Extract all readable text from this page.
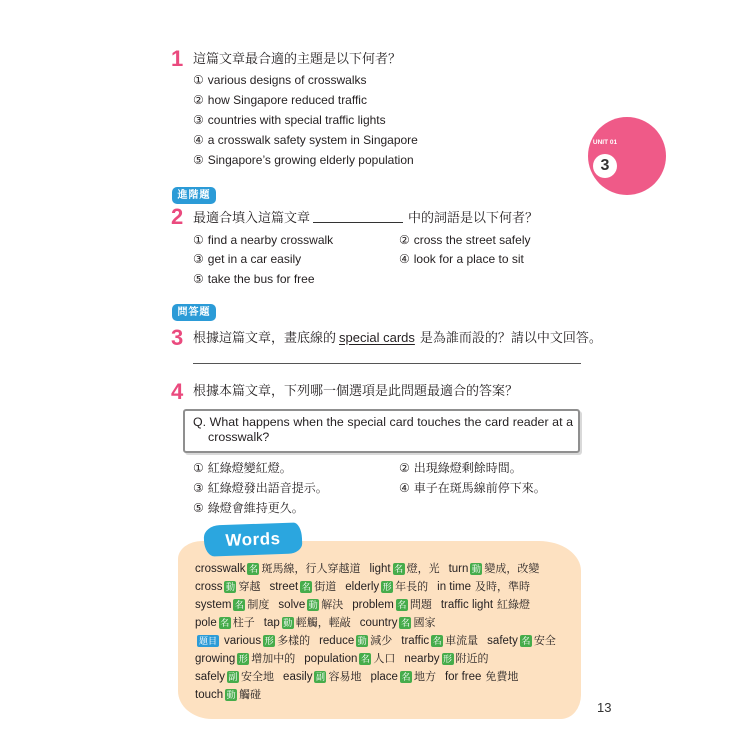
UNIT 01
3
1 這篇文章最合適的主題是以下何者？
① various designs of crosswalks
② how Singapore reduced traffic
③ countries with special traffic lights
④ a crosswalk safety system in Singapore
⑤ Singapore’s growing elderly population
進階題
2 最適合填入這篇文章	中的詞語是以下何者？
① find a nearby crosswalk	② cross the street safely
③ get in a car easily	④ look for a place to sit
⑤ take the bus for free
問答題
3 根據這篇文章，畫底線的 special cards 是為誰而設的？請以中文回答。
4 根據本篇文章，下列哪一個選項是此問題最適合的答案？
Q. What happens when the special card touches the card reader at a crosswalk?
① 紅綠燈變紅燈。	② 出現綠燈剩餘時間。
③ 紅綠燈發出語音提示。	④ 車子在斑馬線前停下來。
⑤ 綠燈會維持更久。
Words
crosswalk 名 斑馬線，行人穿越道 light 名 燈，光 turn 動 變成，改變
cross 動 穿越 street 名 街道 elderly 形 年長的 in time 及時，準時
system 名 制度 solve 動 解決 problem 名 問題 traffic light 紅綠燈
pole 名 柱子 tap 動 輕觸，輕敲 country 名 國家
題目 various 形 多樣的 reduce 動 減少 traffic 名 車流量 safety 名 安全
growing 形 增加中的 population 名 人口 nearby 形 附近的
safely 副 安全地 easily 副 容易地 place 名 地方 for free 免費地
touch 動 觸碰
13
